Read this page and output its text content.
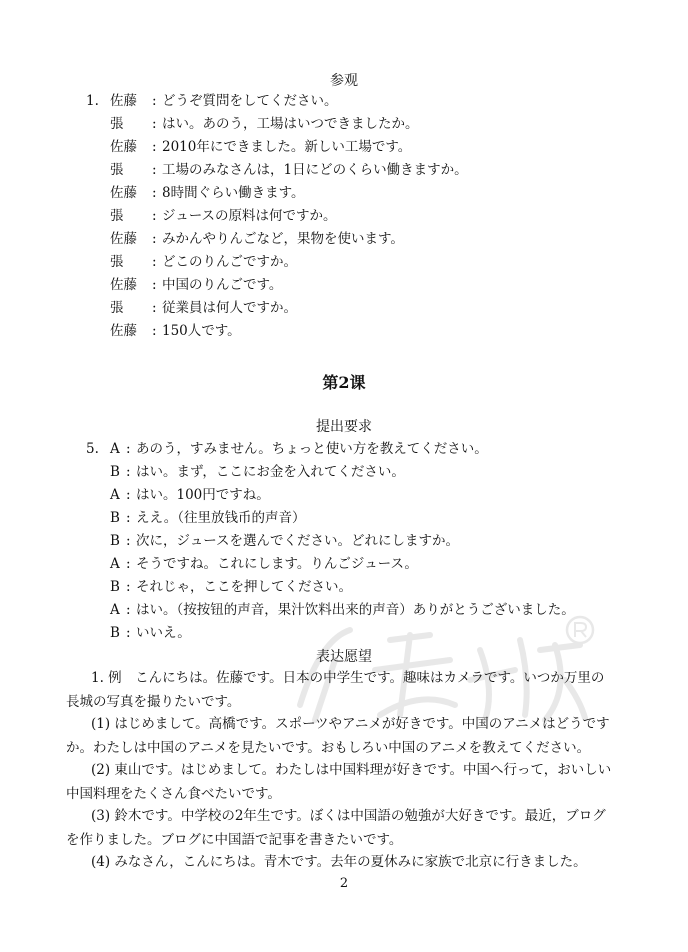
参观
1. 佐藤 : どうぞ質問をしてください。
張 : はい。あのう，工場はいつできましたか。
佐藤 : 2010年にできました。新しい工場です。
張 : 工場のみなさんは，1日にどのくらい働きますか。
佐藤 : 8時間ぐらい働きます。
張 : ジュースの原料は何ですか。
佐藤 : みかんやりんごなど，果物を使います。
張 : どこのりんごですか。
佐藤 : 中国のりんごです。
張 : 従業員は何人ですか。
佐藤 : 150人です。
第2课
提出要求
5. A : あのう，すみません。ちょっと使い方を教えてください。
B : はい。まず，ここにお金を入れてください。
A : はい。100円ですね。
B : ええ。（往里放钱币的声音）
B : 次に，ジュースを選んでください。どれにしますか。
A : そうですね。これにします。りんごジュース。
B : それじゃ，ここを押してください。
A : はい。（按按钮的声音，果汁饮料出来的声音）ありがとうございました。
B : いいえ。
表达愿望
1. 例　こんにちは。佐藤です。日本の中学生です。趣味はカメラです。いつか万里の長城の写真を撮りたいです。
(1) はじめまして。高橋です。スポーツやアニメが好きです。中国のアニメはどうですか。わたしは中国のアニメを見たいです。おもしろい中国のアニメを教えてください。
(2) 東山です。はじめまして。わたしは中国料理が好きです。中国へ行って，おいしい中国料理をたくさん食べたいです。
(3) 鈴木です。中学校の2年生です。ぼくは中国語の勉強が大好きです。最近，ブログを作りました。ブログに中国語で記事を書きたいです。
(4) みなさん，こんにちは。青木です。去年の夏休みに家族で北京に行きました。
2
